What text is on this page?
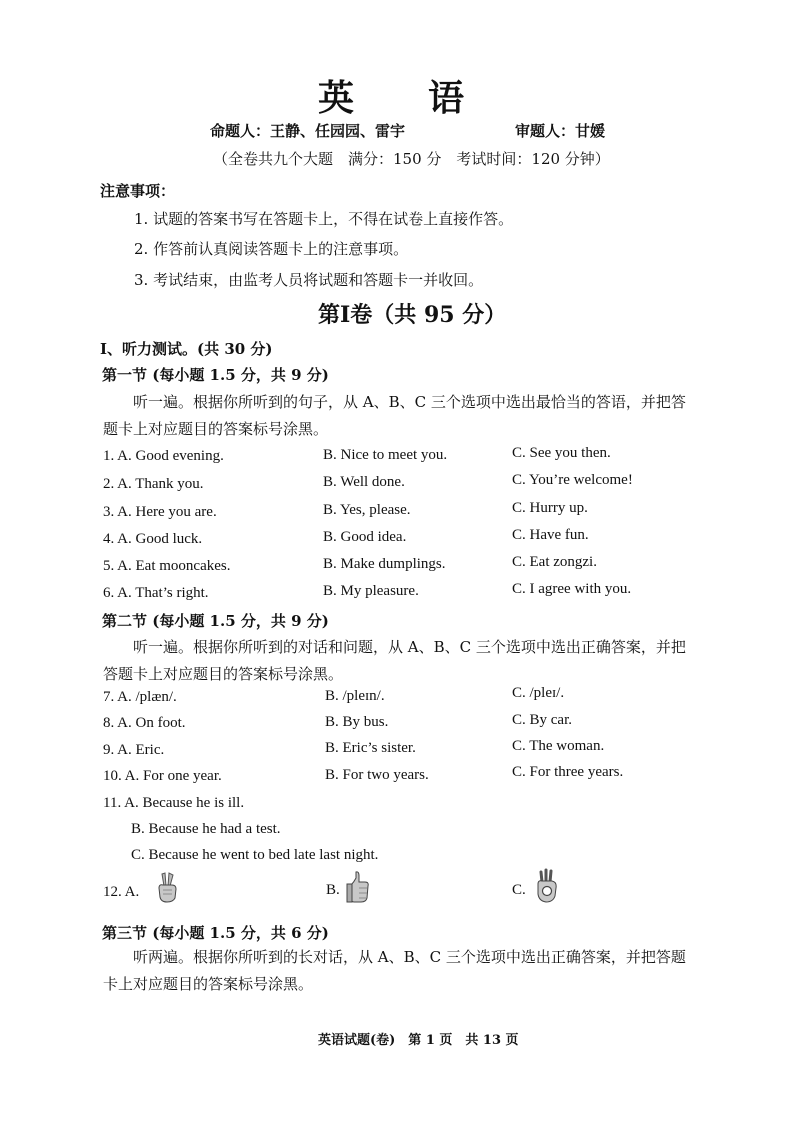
英 语
命题人：王静、任园园、雷宇	审题人：甘媛
（全卷共九个大题　满分：150 分　考试时间：120 分钟）
注意事项：
1. 试题的答案书写在答题卡上，不得在试卷上直接作答。
2. 作答前认真阅读答题卡上的注意事项。
3. 考试结束，由监考人员将试题和答题卡一并收回。
第Ⅰ卷（共 95 分）
Ⅰ、听力测试。(共 30 分)
第一节 (每小题 1.5 分，共 9 分)
听一遍。根据你所听到的句子，从 A、B、C 三个选项中选出最恰当的答语，并把答
题卡上对应题目的答案标号涂黑。
1. A. Good evening.	B. Nice to meet you.	C. See you then.
2. A. Thank you.	B. Well done.	C. You’re welcome!
3. A. Here you are.	B. Yes, please.	C. Hurry up.
4. A. Good luck.	B. Good idea.	C. Have fun.
5. A. Eat mooncakes.	B. Make dumplings.	C. Eat zongzi.
6. A. That’s right.	B. My pleasure.	C. I agree with you.
第二节 (每小题 1.5 分，共 9 分)
听一遍。根据你所听到的对话和问题，从 A、B、C 三个选项中选出正确答案，并把
答题卡上对应题目的答案标号涂黑。
7. A. /plæn/.	B. /pleɪn/.	C. /pleɪ/.
8. A. On foot.	B. By bus.	C. By car.
9. A. Eric.	B. Eric’s sister.	C. The woman.
10. A. For one year.	B. For two years.	C. For three years.
11. A. Because he is ill.
B. Because he had a test.
C. Because he went to bed late last night.
12. A.	B.	C.
第三节 (每小题 1.5 分，共 6 分)
听两遍。根据你所听到的长对话，从 A、B、C 三个选项中选出正确答案，并把答题
卡上对应题目的答案标号涂黑。
英语试题(卷)　第 1 页　共 13 页
